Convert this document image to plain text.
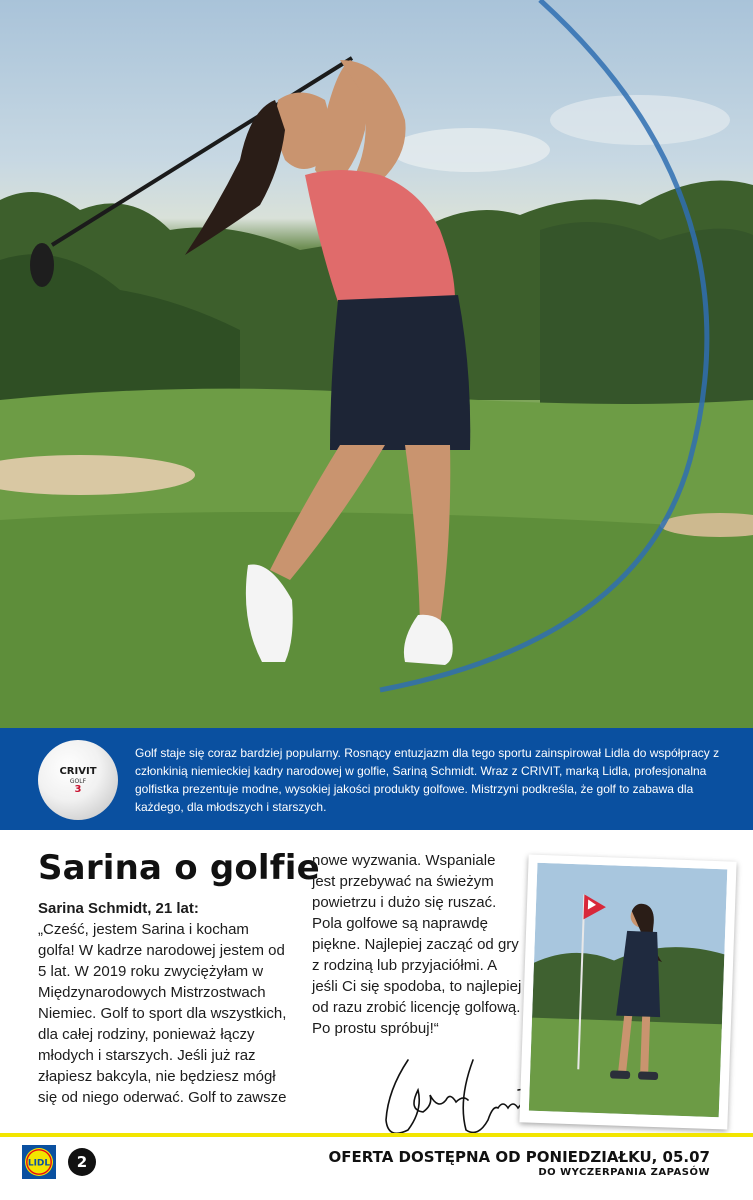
CRIVIT
GOLF
3

Golf staje się coraz bardziej popularny. Rosnący entuzjazm dla tego sportu zainspirował Lidla do współpracy z członkinią niemieckiej kadry narodowej w golfie, Sariną Schmidt. Wraz z CRIVIT, marką Lidla, profesjonalna golfistka prezentuje modne, wysokiej jakości produkty golfowe. Mistrzyni podkreśla, że golf to zabawa dla każdego, dla młodszych i starszych.

Sarina o golfie
Sarina Schmidt, 21 lat:
„Cześć, jestem Sarina i kocham golfa! W kadrze narodowej jestem od 5 lat. W 2019 roku zwyciężyłam w Międzynarodowych Mistrzostwach Niemiec. Golf to sport dla wszystkich, dla całej rodziny, ponieważ łączy młodych i starszych. Jeśli już raz złapiesz bakcyla, nie będziesz mógł się od niego oderwać. Golf to zawsze

nowe wyzwania. Wspaniale jest przebywać na świeżym powietrzu i dużo się ruszać. Pola golfowe są naprawdę piękne. Najlepiej zacząć od gry z rodziną lub przyjaciółmi. A jeśli Ci się spodoba, to najlepiej od razu zrobić licencję golfową. Po prostu spróbuj!“

LIDL	2	OFERTA DOSTĘPNA OD PONIEDZIAŁKU, 05.07

DO WYCZERPANIA ZAPASÓW
